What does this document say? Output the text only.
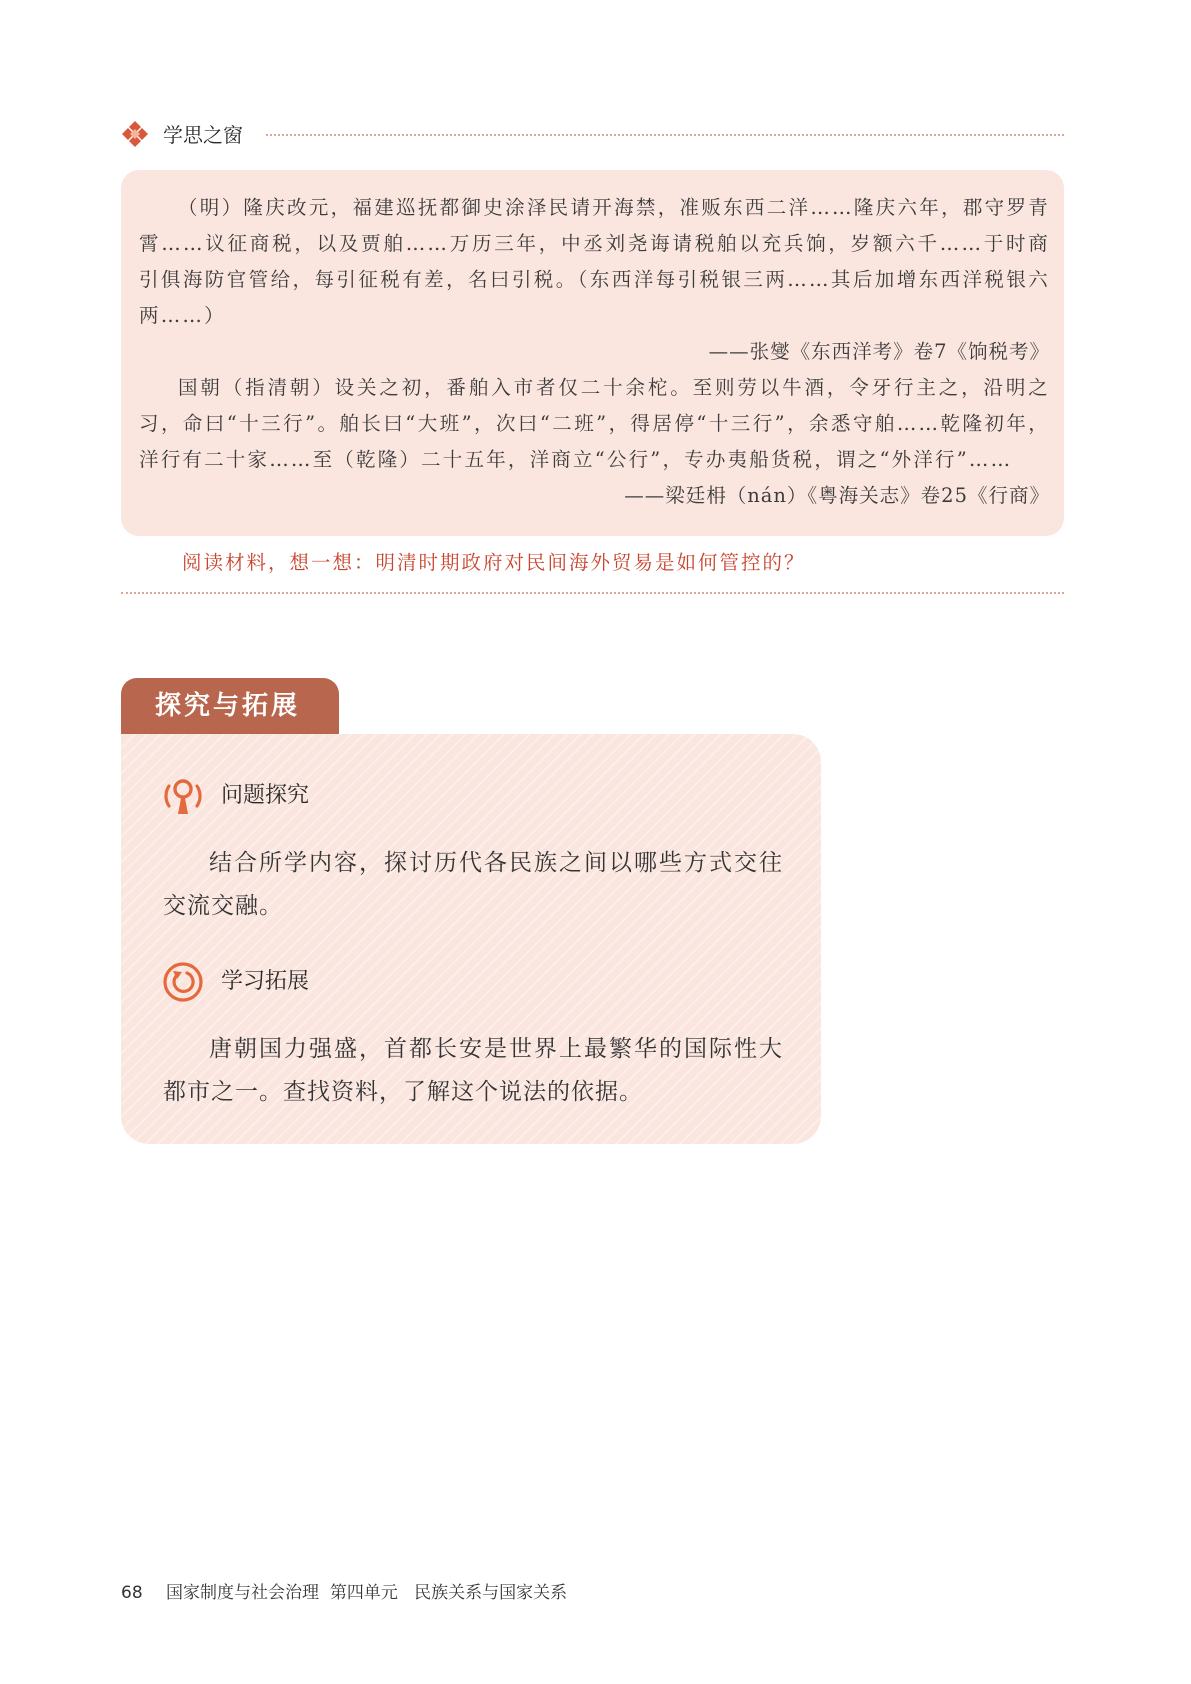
学思之窗

（明）隆庆改元，福建巡抚都御史涂泽民请开海禁，准贩东西二洋……隆庆六年，郡守罗青霄……议征商税，以及贾舶……万历三年，中丞刘尧诲请税舶以充兵饷，岁额六千……于时商引俱海防官管给，每引征税有差，名曰引税。（东西洋每引税银三两……其后加增东西洋税银六两……）

——张燮《东西洋考》卷7《饷税考》

国朝（指清朝）设关之初，番舶入市者仅二十余柁。至则劳以牛酒，令牙行主之，沿明之习，命曰“十三行”。舶长曰“大班”，次曰“二班”，得居停“十三行”，余悉守舶……乾隆初年，洋行有二十家……至（乾隆）二十五年，洋商立“公行”，专办夷船货税，谓之“外洋行”……

——梁廷枏（nán）《粤海关志》卷25《行商》
阅读材料，想一想：明清时期政府对民间海外贸易是如何管控的？
探究与拓展
问题探究

结合所学内容，探讨历代各民族之间以哪些方式交往交流交融。

学习拓展

唐朝国力强盛，首都长安是世界上最繁华的国际性大都市之一。查找资料，了解这个说法的依据。

68 国家制度与社会治理  第四单元   民族关系与国家关系
